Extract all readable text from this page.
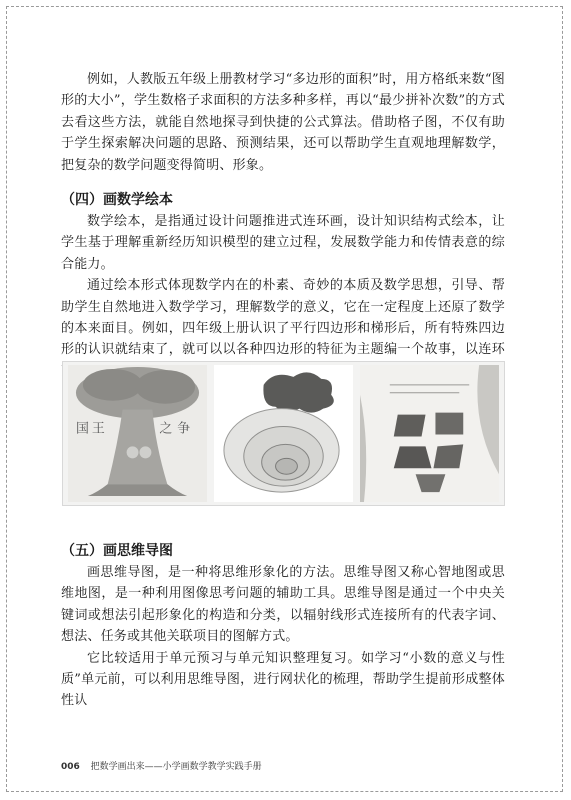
例如，人教版五年级上册教材学习“多边形的面积”时，用方格纸来数“图形的大小”，学生数格子求面积的方法多种多样，再以“最少拼补次数”的方式去看这些方法，就能自然地探寻到快捷的公式算法。借助格子图，不仅有助于学生探索解决问题的思路、预测结果，还可以帮助学生直观地理解数学，把复杂的数学问题变得简明、形象。

（四）画数学绘本

数学绘本，是指通过设计问题推进式连环画，设计知识结构式绘本，让学生基于理解重新经历知识模型的建立过程，发展数学能力和传情表意的综合能力。

通过绘本形式体现数学内在的朴素、奇妙的本质及数学思想，引导、帮助学生自然地进入数学学习，理解数学的意义，它在一定程度上还原了数学的本来面目。例如，四年级上册认识了平行四边形和梯形后，所有特殊四边形的认识就结束了，就可以以各种四边形的特征为主题编一个故事，以连环

（五）画思维导图

画思维导图，是一种将思维形象化的方法。思维导图又称心智地图或思维地图，是一种利用图像思考问题的辅助工具。思维导图是通过一个中央关键词或想法引起形象化的构造和分类，以辐射线形式连接所有的代表字词、想法、任务或其他关联项目的图解方式。

它比较适用于单元预习与单元知识整理复习。如学习“小数的意义与性质”单元前，可以利用思维导图，进行网状化的梳理，帮助学生提前形成整体性认

国 王	之 争
006 把数学画出来——小学画数学教学实践手册
